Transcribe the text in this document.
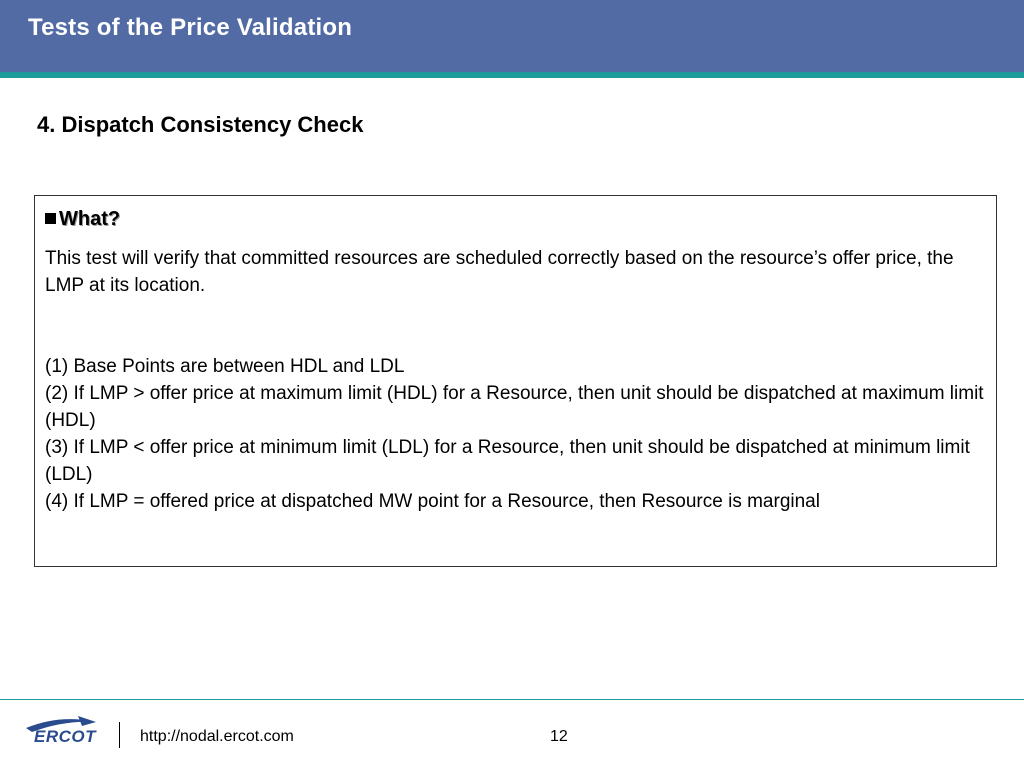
Tests of the Price Validation
4. Dispatch Consistency Check
What?

This test will verify that committed resources are scheduled correctly based on the resource’s offer price, the LMP at its location.

(1) Base Points are between HDL and LDL
(2) If LMP > offer price at maximum limit (HDL) for a Resource, then unit should be dispatched at maximum limit (HDL)
(3) If LMP < offer price at minimum limit (LDL) for a Resource, then unit should be dispatched at minimum limit (LDL)
(4) If LMP = offered price at dispatched MW point for a Resource, then Resource is marginal
ERCOT	http://nodal.ercot.com	12
